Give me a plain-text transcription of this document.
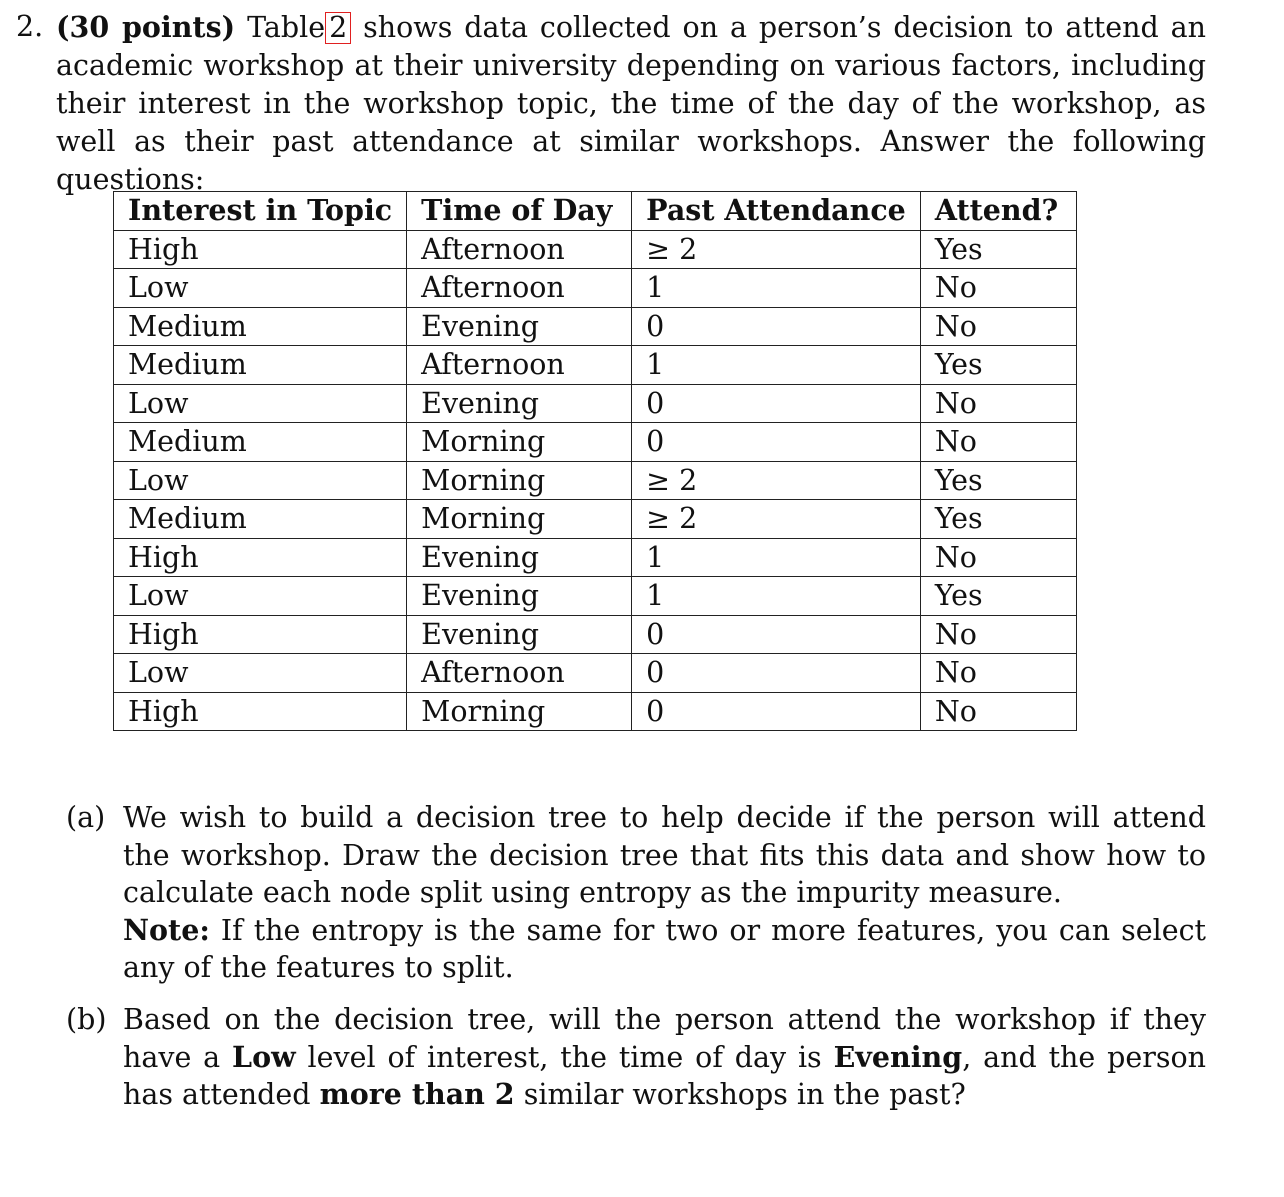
2. (30 points) Table 2 shows data collected on a person’s decision to attend an academic workshop at their university depending on various factors, including their interest in the workshop topic, the time of the day of the workshop, as well as their past attendance at similar workshops. Answer the following questions:
Interest in Topic	Time of Day	Past Attendance	Attend?
High	Afternoon	≥ 2	Yes
Low	Afternoon	1	No
Medium	Evening	0	No
Medium	Afternoon	1	Yes
Low	Evening	0	No
Medium	Morning	0	No
Low	Morning	≥ 2	Yes
Medium	Morning	≥ 2	Yes
High	Evening	1	No
Low	Evening	1	Yes
High	Evening	0	No
Low	Afternoon	0	No
High	Morning	0	No
(a) We wish to build a decision tree to help decide if the person will attend the workshop. Draw the decision tree that fits this data and show how to calculate each node split using entropy as the impurity measure.
Note: If the entropy is the same for two or more features, you can select any of the features to split.
(b) Based on the decision tree, will the person attend the workshop if they have a Low level of interest, the time of day is Evening, and the person has attended more than 2 similar workshops in the past?
